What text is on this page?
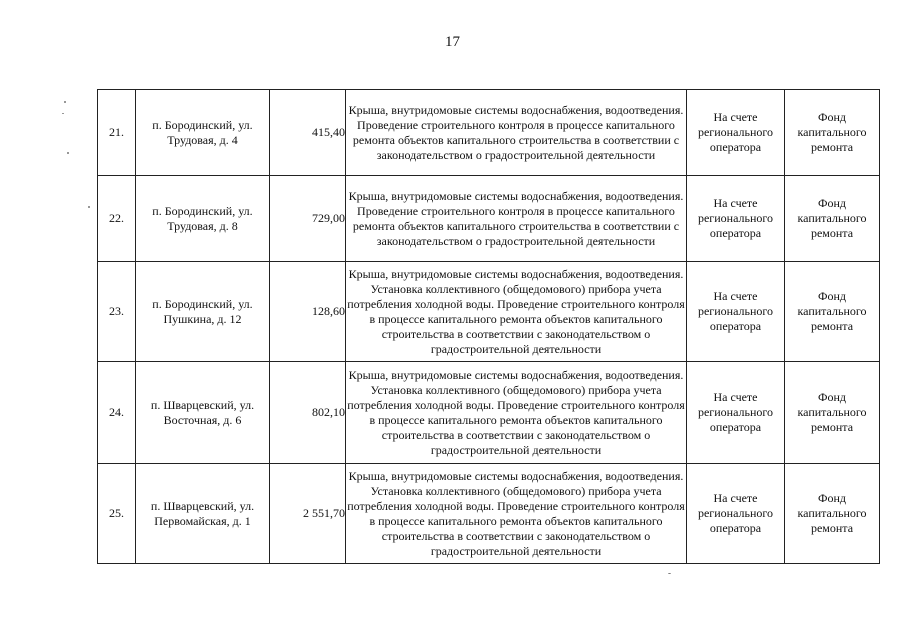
17
21.	п. Бородинский, ул. Трудовая, д. 4	415,40	Крыша, внутридомовые системы водоснабжения, водоотведения. Проведение строительного контроля в процессе капитального ремонта объектов капитального строительства в соответствии с законодательством о градостроительной деятельности	На счете регионального оператора	Фонд капитального ремонта
22.	п. Бородинский, ул. Трудовая, д. 8	729,00	Крыша, внутридомовые системы водоснабжения, водоотведения. Проведение строительного контроля в процессе капитального ремонта объектов капитального строительства в соответствии с законодательством о градостроительной деятельности	На счете регионального оператора	Фонд капитального ремонта
23.	п. Бородинский, ул. Пушкина, д. 12	128,60	Крыша, внутридомовые системы водоснабжения, водоотведения. Установка коллективного (общедомового) прибора учета потребления холодной воды. Проведение строительного контроля в процессе капитального ремонта объектов капитального строительства в соответствии с законодательством о градостроительной деятельности	На счете регионального оператора	Фонд капитального ремонта
24.	п. Шварцевский, ул. Восточная, д. 6	802,10	Крыша, внутридомовые системы водоснабжения, водоотведения. Установка коллективного (общедомового) прибора учета потребления холодной воды. Проведение строительного контроля в процессе капитального ремонта объектов капитального строительства в соответствии с законодательством о градостроительной деятельности	На счете регионального оператора	Фонд капитального ремонта
25.	п. Шварцевский, ул. Первомайская, д. 1	2 551,70	Крыша, внутридомовые системы водоснабжения, водоотведения. Установка коллективного (общедомового) прибора учета потребления холодной воды. Проведение строительного контроля в процессе капитального ремонта объектов капитального строительства в соответствии с законодательством о градостроительной деятельности	На счете регионального оператора	Фонд капитального ремонта
